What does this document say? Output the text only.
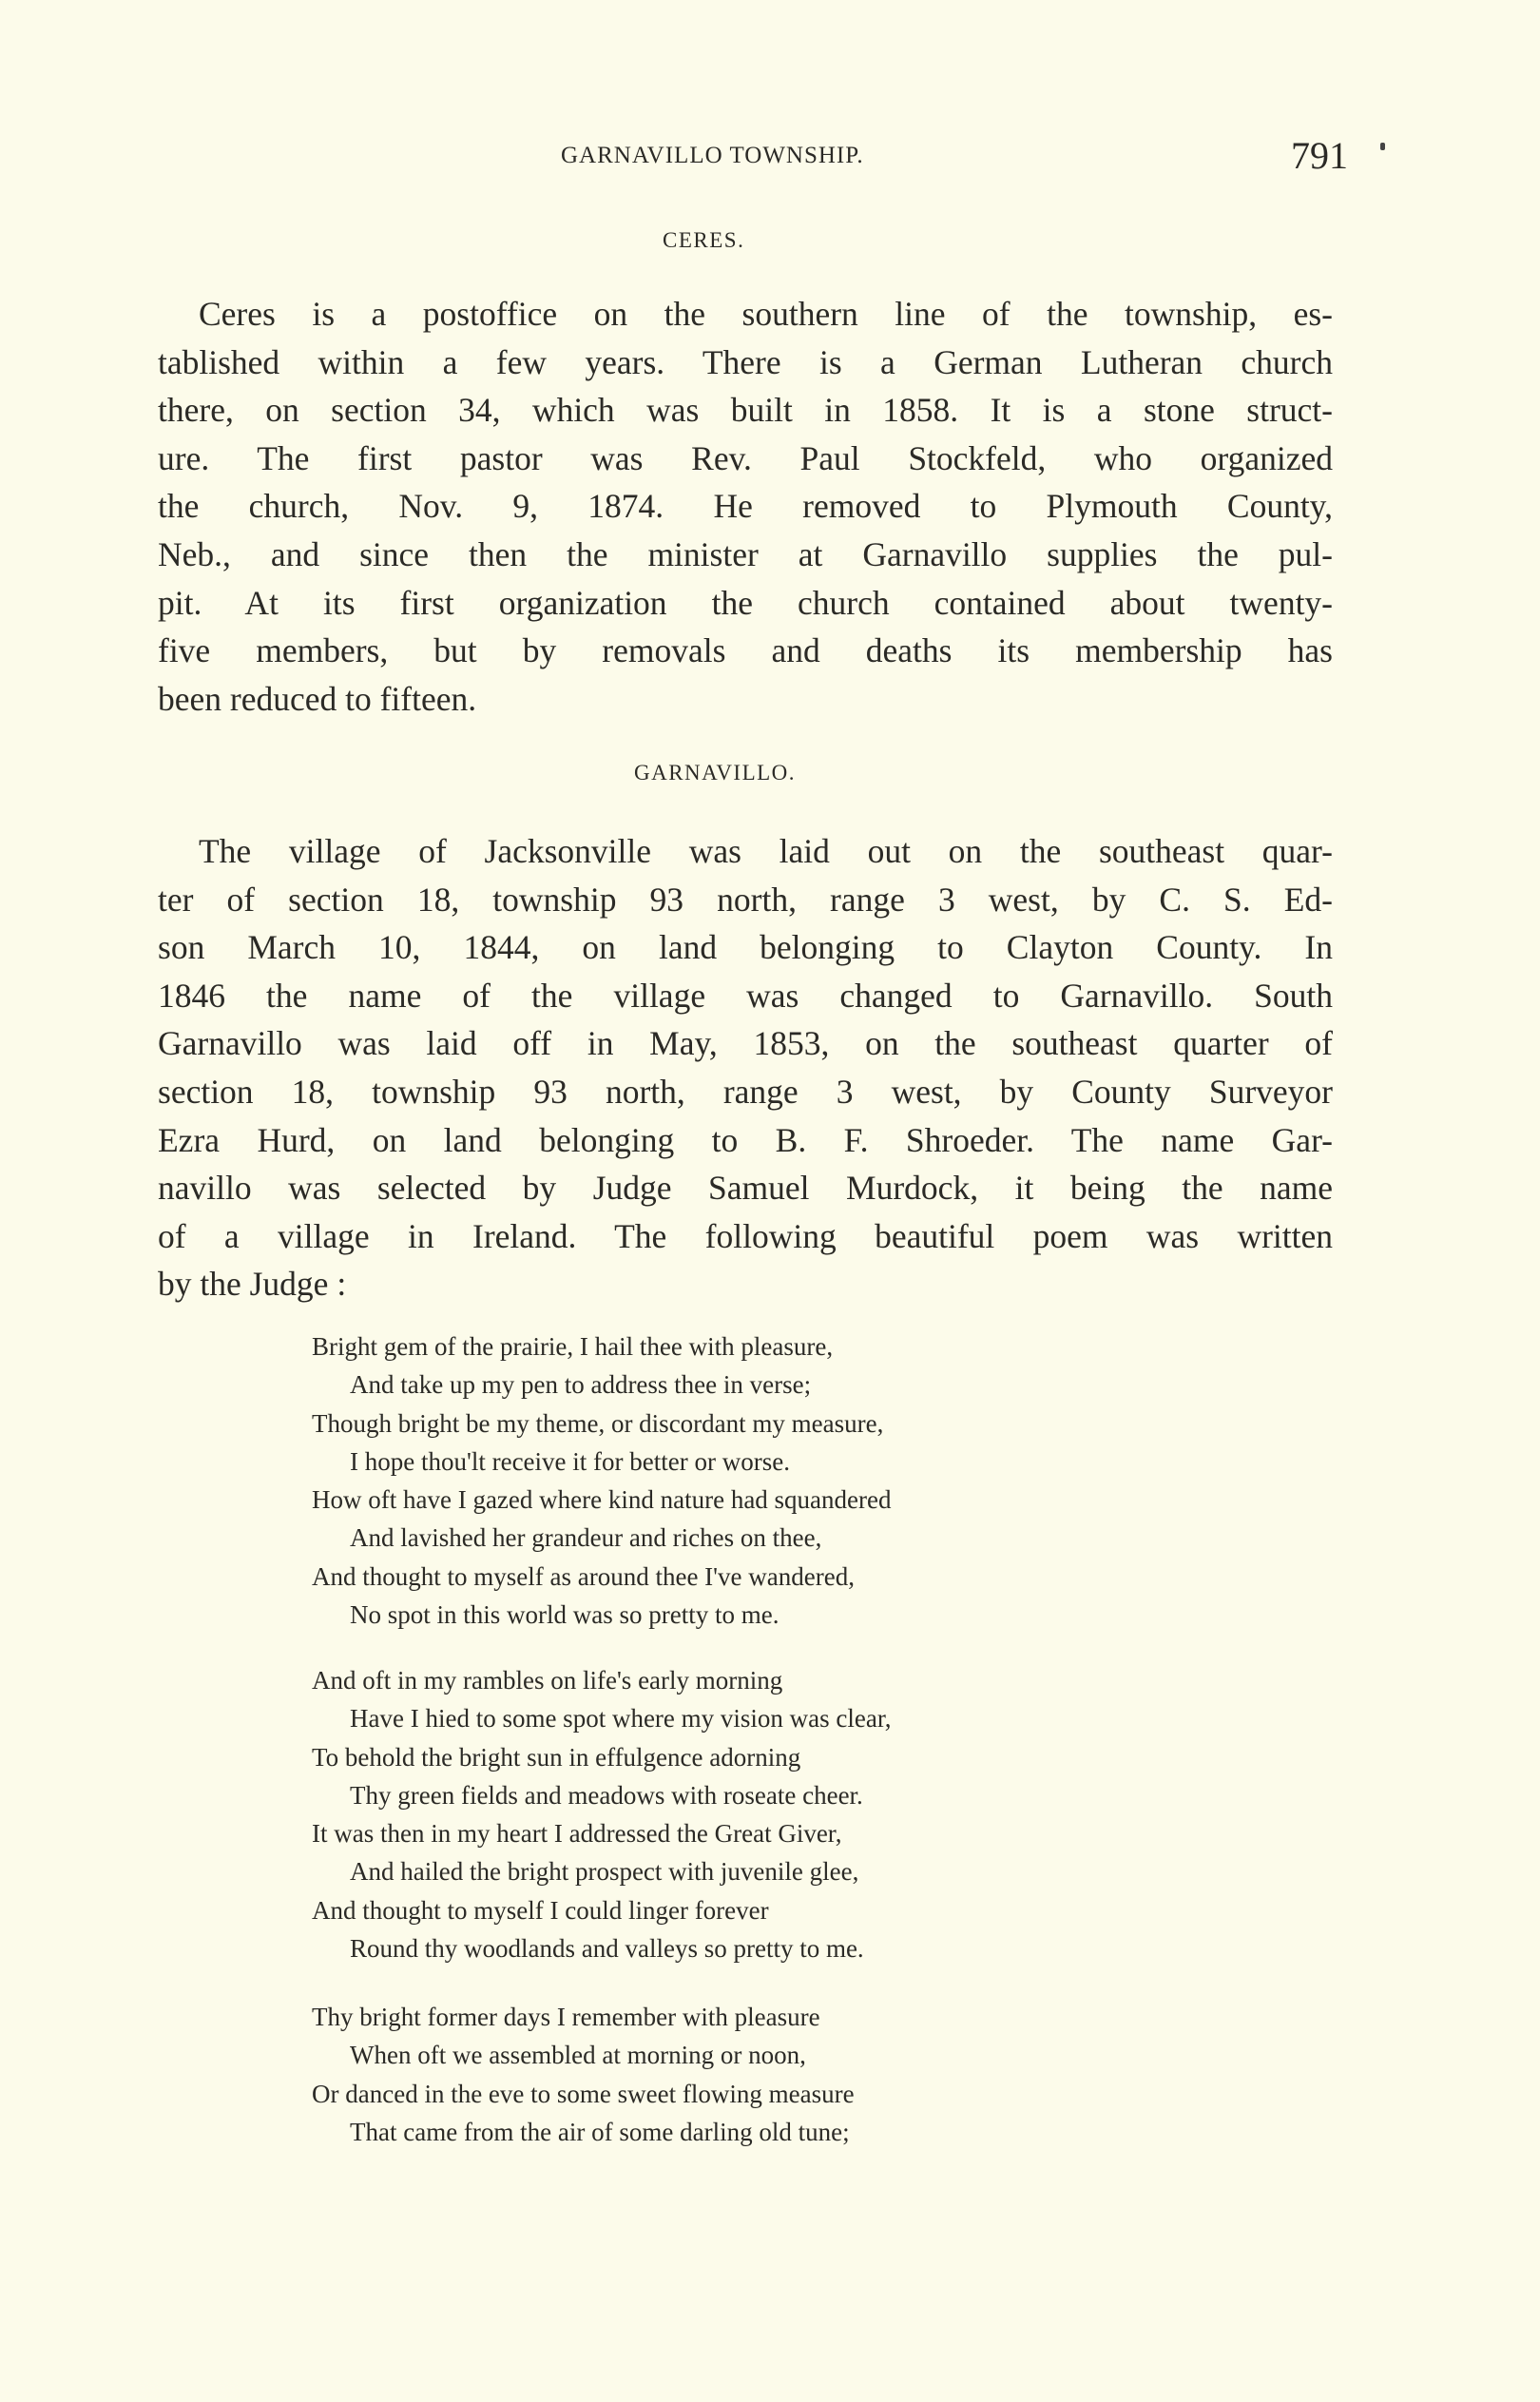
GARNAVILLO TOWNSHIP.	791
CERES.
Ceres is a postoffice on the southern line of the township, es-
tablished within a few years. There is a German Lutheran church
there, on section 34, which was built in 1858. It is a stone struct-
ure. The first pastor was Rev. Paul Stockfeld, who organized
the church, Nov. 9, 1874. He removed to Plymouth County,
Neb., and since then the minister at Garnavillo supplies the pul-
pit. At its first organization the church contained about twenty-
five members, but by removals and deaths its membership has
been reduced to fifteen.
GARNAVILLO.
The village of Jacksonville was laid out on the southeast quar-
ter of section 18, township 93 north, range 3 west, by C. S. Ed-
son March 10, 1844, on land belonging to Clayton County. In
1846 the name of the village was changed to Garnavillo. South
Garnavillo was laid off in May, 1853, on the southeast quarter of
section 18, township 93 north, range 3 west, by County Surveyor
Ezra Hurd, on land belonging to B. F. Shroeder. The name Gar-
navillo was selected by Judge Samuel Murdock, it being the name
of a village in Ireland. The following beautiful poem was written
by the Judge :
Bright gem of the prairie, I hail thee with pleasure,
And take up my pen to address thee in verse;
Though bright be my theme, or discordant my measure,
I hope thou'lt receive it for better or worse.
How oft have I gazed where kind nature had squandered
And lavished her grandeur and riches on thee,
And thought to myself as around thee I've wandered,
No spot in this world was so pretty to me.
And oft in my rambles on life's early morning
Have I hied to some spot where my vision was clear,
To behold the bright sun in effulgence adorning
Thy green fields and meadows with roseate cheer.
It was then in my heart I addressed the Great Giver,
And hailed the bright prospect with juvenile glee,
And thought to myself I could linger forever
Round thy woodlands and valleys so pretty to me.
Thy bright former days I remember with pleasure
When oft we assembled at morning or noon,
Or danced in the eve to some sweet flowing measure
That came from the air of some darling old tune;
